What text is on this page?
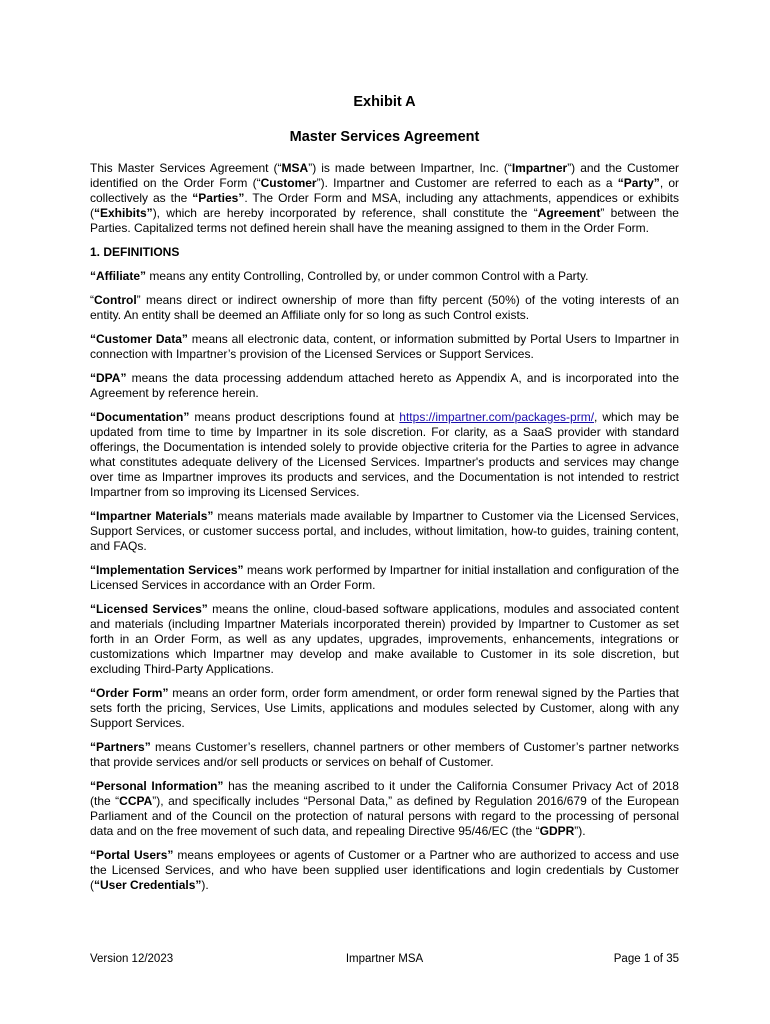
Exhibit A
Master Services Agreement

This Master Services Agreement (“MSA”) is made between Impartner, Inc. (“Impartner”) and the Customer identified on the Order Form (“Customer”). Impartner and Customer are referred to each as a “Party”, or collectively as the “Parties”. The Order Form and MSA, including any attachments, appendices or exhibits (“Exhibits”), which are hereby incorporated by reference, shall constitute the “Agreement” between the Parties. Capitalized terms not defined herein shall have the meaning assigned to them in the Order Form.

1. DEFINITIONS

“Affiliate” means any entity Controlling, Controlled by, or under common Control with a Party.

“Control” means direct or indirect ownership of more than fifty percent (50%) of the voting interests of an entity. An entity shall be deemed an Affiliate only for so long as such Control exists.

“Customer Data” means all electronic data, content, or information submitted by Portal Users to Impartner in connection with Impartner’s provision of the Licensed Services or Support Services.

“DPA” means the data processing addendum attached hereto as Appendix A, and is incorporated into the Agreement by reference herein.

“Documentation” means product descriptions found at https://impartner.com/packages-prm/, which may be updated from time to time by Impartner in its sole discretion. For clarity, as a SaaS provider with standard offerings, the Documentation is intended solely to provide objective criteria for the Parties to agree in advance what constitutes adequate delivery of the Licensed Services. Impartner's products and services may change over time as Impartner improves its products and services, and the Documentation is not intended to restrict Impartner from so improving its Licensed Services.

“Impartner Materials” means materials made available by Impartner to Customer via the Licensed Services, Support Services, or customer success portal, and includes, without limitation, how-to guides, training content, and FAQs.

“Implementation Services” means work performed by Impartner for initial installation and configuration of the Licensed Services in accordance with an Order Form.

“Licensed Services” means the online, cloud-based software applications, modules and associated content and materials (including Impartner Materials incorporated therein) provided by Impartner to Customer as set forth in an Order Form, as well as any updates, upgrades, improvements, enhancements, integrations or customizations which Impartner may develop and make available to Customer in its sole discretion, but excluding Third-Party Applications.

“Order Form” means an order form, order form amendment, or order form renewal signed by the Parties that sets forth the pricing, Services, Use Limits, applications and modules selected by Customer, along with any Support Services.

“Partners” means Customer’s resellers, channel partners or other members of Customer’s partner networks that provide services and/or sell products or services on behalf of Customer.

“Personal Information” has the meaning ascribed to it under the California Consumer Privacy Act of 2018 (the “CCPA”), and specifically includes “Personal Data,” as defined by Regulation 2016/679 of the European Parliament and of the Council on the protection of natural persons with regard to the processing of personal data and on the free movement of such data, and repealing Directive 95/46/EC (the “GDPR”).

“Portal Users” means employees or agents of Customer or a Partner who are authorized to access and use the Licensed Services, and who have been supplied user identifications and login credentials by Customer (“User Credentials”).

Version 12/2023	Impartner MSA	Page 1 of 35
